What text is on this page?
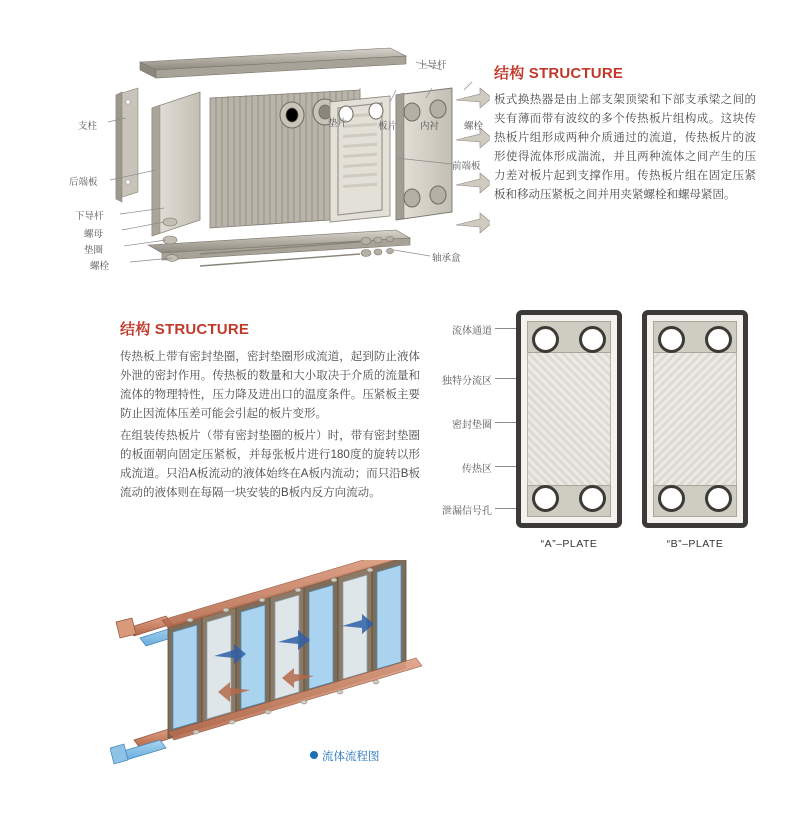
垫片	板片 内衬	螺栓
上导杆
支柱
后端板
下导杆
螺母
垫圈
螺栓
前端板
轴承盒
结构 STRUCTURE

板式换热器是由上部支架顶梁和下部支承梁之间的夹有薄而带有波纹的多个传热板片组构成。这块传热板片组形成两种介质通过的流道，传热板片的波形使得流体形成湍流，并且两种流体之间产生的压力差对板片起到支撑作用。传热板片组在固定压紧板和移动压紧板之间并用夹紧螺栓和螺母紧固。

结构 STRUCTURE

传热板上带有密封垫圈，密封垫圈形成流道，起到防止液体外泄的密封作用。传热板的数量和大小取决于介质的流量和流体的物理特性，压力降及进出口的温度条件。压紧板主要防止因流体压差可能会引起的板片变形。

在组装传热板片（带有密封垫圈的板片）时，带有密封垫圈的板面朝向固定压紧板，并每张板片进行180度的旋转以形成流道。只沿A板流动的液体始终在A板内流动；而只沿B板流动的液体则在每隔一块安装的B板内反方向流动。

流体通道
独特分流区
密封垫圈
传热区
泄漏信号孔
“A”–PLATE	“B”–PLATE
流体流程图
